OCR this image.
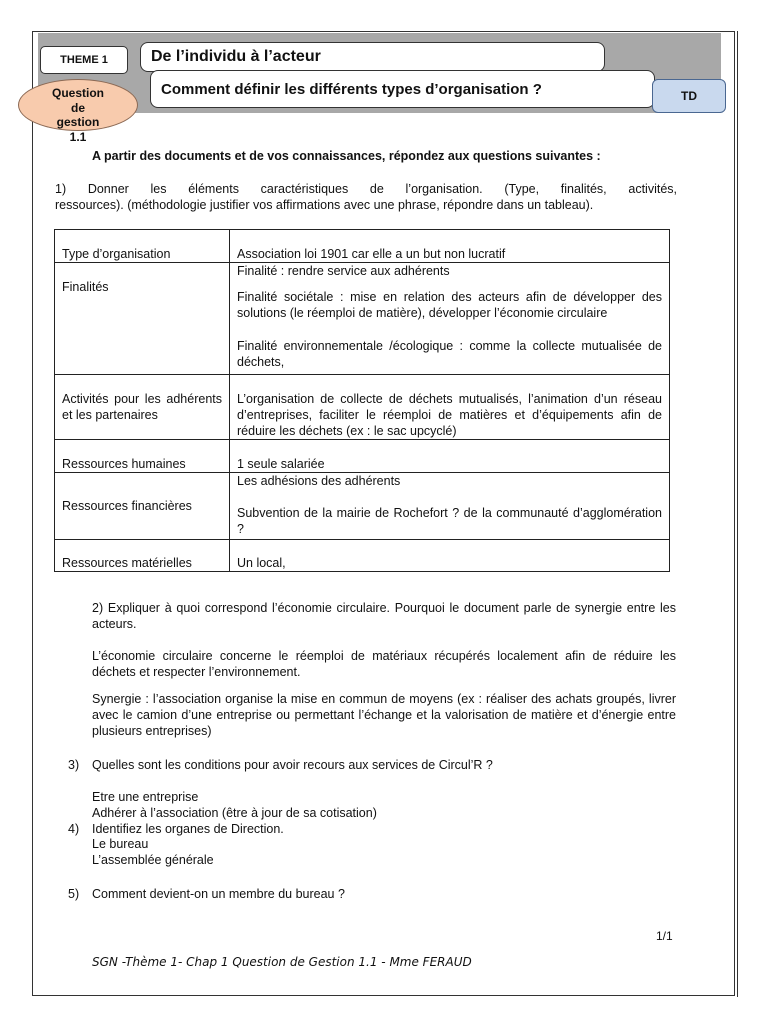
THEME 1	De l’individu à l’acteur
Comment définir les différents types d’organisation ?	TD
Question
de
gestion
1.1
A partir des documents et de vos connaissances, répondez aux questions suivantes :
1) Donner les éléments caractéristiques de l’organisation. (Type, finalités, activités,
ressources). (méthodologie justifier vos affirmations avec une phrase, répondre dans un tableau).
Type d’organisation	Association loi 1901 car elle a un but non lucratif
Finalités	Finalité : rendre service aux adhérents
Finalité sociétale : mise en relation des acteurs afin de développer des solutions (le réemploi de matière), développer l’économie circulaire
Finalité environnementale /écologique : comme la collecte mutualisée de déchets,

Activités pour les adhérents et les partenaires	L’organisation de collecte de déchets mutualisés, l’animation d’un réseau d’entreprises, faciliter le réemploi de matières et d’équipements afin de réduire les déchets (ex : le sac upcyclé)
Ressources humaines	1 seule salariée
Ressources financières	Les adhésions des adhérents
Subvention de la mairie de Rochefort ? de la communauté d’agglomération ?

Ressources matérielles	Un local,
2) Expliquer à quoi correspond l’économie circulaire. Pourquoi le document parle de synergie entre les acteurs.
L’économie circulaire concerne le réemploi de matériaux récupérés localement afin de réduire les déchets et respecter l’environnement.
Synergie : l’association organise la mise en commun de moyens (ex : réaliser des achats groupés, livrer avec le camion d’une entreprise ou permettant l’échange et la valorisation de matière et d’énergie entre plusieurs entreprises)
3) Quelles sont les conditions pour avoir recours aux services de Circul’R ?
Etre une entreprise
Adhérer à l’association (être à jour de sa cotisation)
4) Identifiez les organes de Direction.
Le bureau
L’assemblée générale
5) Comment devient-on un membre du bureau ?
1/1
SGN -Thème 1- Chap 1 Question de Gestion 1.1 - Mme FERAUD
